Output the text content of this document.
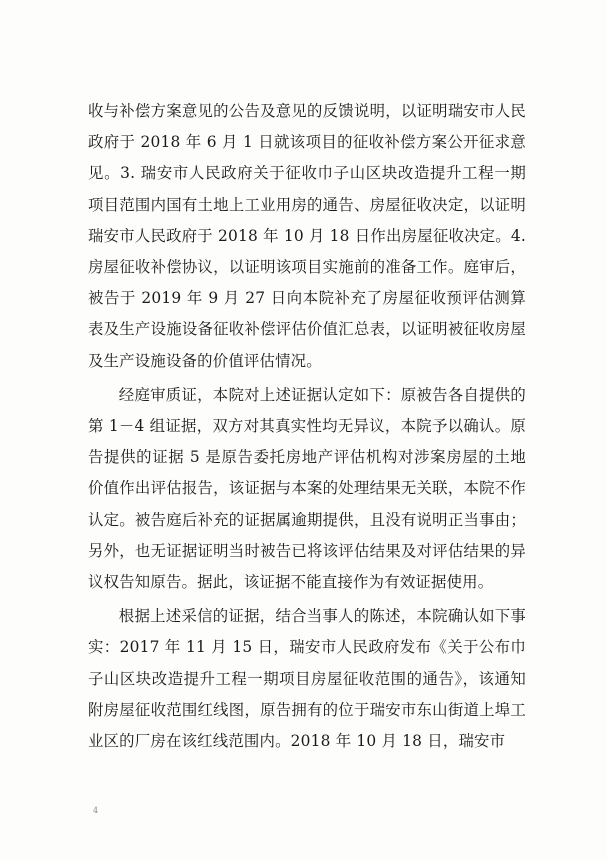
收与补偿方案意见的公告及意见的反馈说明，以证明瑞安市人民政府于 2018 年 6 月 1 日就该项目的征收补偿方案公开征求意见。3. 瑞安市人民政府关于征收巾子山区块改造提升工程一期项目范围内国有土地上工业用房的通告、房屋征收决定，以证明瑞安市人民政府于 2018 年 10 月 18 日作出房屋征收决定。4. 房屋征收补偿协议，以证明该项目实施前的准备工作。庭审后，被告于 2019 年 9 月 27 日向本院补充了房屋征收预评估测算表及生产设施设备征收补偿评估价值汇总表，以证明被征收房屋及生产设施设备的价值评估情况。

经庭审质证，本院对上述证据认定如下：原被告各自提供的第 1－4 组证据，双方对其真实性均无异议，本院予以确认。原告提供的证据 5 是原告委托房地产评估机构对涉案房屋的土地价值作出评估报告，该证据与本案的处理结果无关联，本院不作认定。被告庭后补充的证据属逾期提供，且没有说明正当事由；另外，也无证据证明当时被告已将该评估结果及对评估结果的异议权告知原告。据此，该证据不能直接作为有效证据使用。

根据上述采信的证据，结合当事人的陈述，本院确认如下事实：2017 年 11 月 15 日，瑞安市人民政府发布《关于公布巾子山区块改造提升工程一期项目房屋征收范围的通告》，该通知附房屋征收范围红线图，原告拥有的位于瑞安市东山街道上埠工业区的厂房在该红线范围内。2018 年 10 月 18 日，瑞安市

4
